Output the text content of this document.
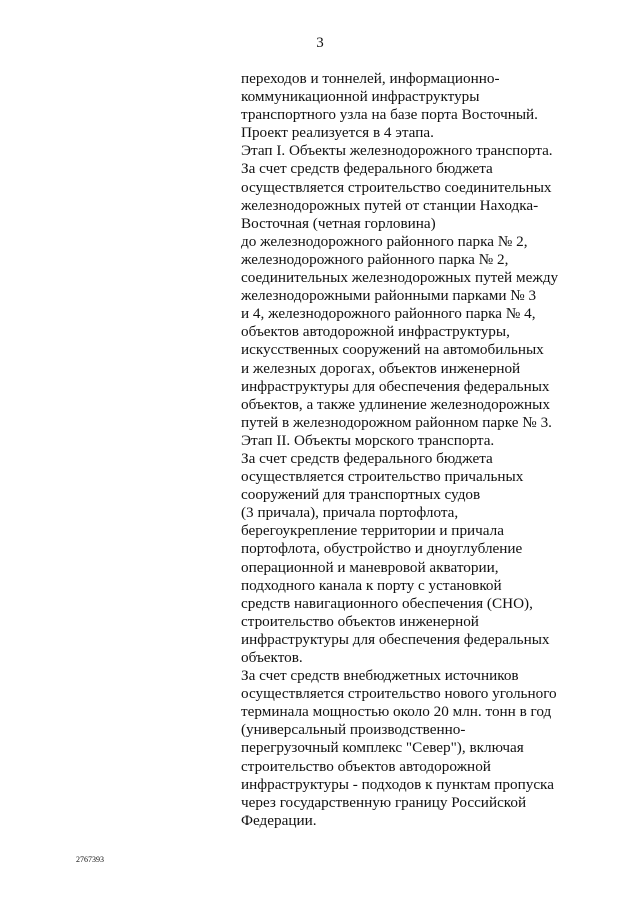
3
переходов и тоннелей, информационно-
коммуникационной инфраструктуры
транспортного узла на базе порта Восточный.
Проект реализуется в 4 этапа.
Этап I. Объекты железнодорожного транспорта.
За счет средств федерального бюджета
осуществляется строительство соединительных
железнодорожных путей от станции Находка-
Восточная (четная горловина)
до железнодорожного районного парка № 2,
железнодорожного районного парка № 2,
соединительных железнодорожных путей между
железнодорожными районными парками № 3
и 4, железнодорожного районного парка № 4,
объектов автодорожной инфраструктуры,
искусственных сооружений на автомобильных
и железных дорогах, объектов инженерной
инфраструктуры для обеспечения федеральных
объектов, а также удлинение железнодорожных
путей в железнодорожном районном парке № 3.
Этап II. Объекты морского транспорта.
За счет средств федерального бюджета
осуществляется строительство причальных
сооружений для транспортных судов
(3 причала), причала портофлота,
берегоукрепление территории и причала
портофлота, обустройство и дноуглубление
операционной и маневровой акватории,
подходного канала к порту с установкой
средств навигационного обеспечения (СНО),
строительство объектов инженерной
инфраструктуры для обеспечения федеральных
объектов.
За счет средств внебюджетных источников
осуществляется строительство нового угольного
терминала мощностью около 20 млн. тонн в год
(универсальный производственно-
перегрузочный комплекс "Север"), включая
строительство объектов автодорожной
инфраструктуры - подходов к пунктам пропуска
через государственную границу Российской
Федерации.
2767393
